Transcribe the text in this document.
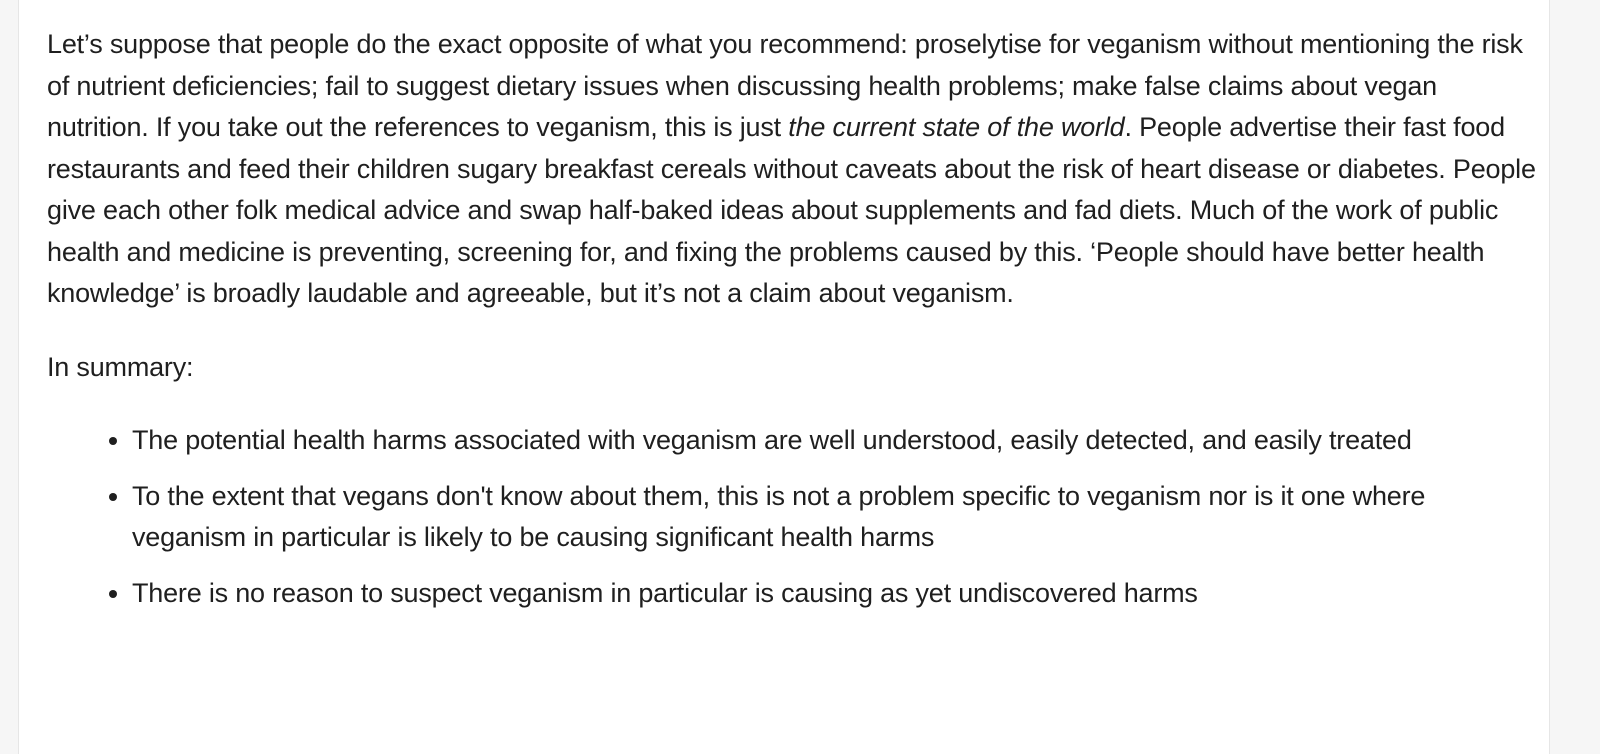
Let’s suppose that people do the exact opposite of what you recommend: proselytise for veganism without mentioning the risk of nutrient deficiencies; fail to suggest dietary issues when discussing health problems; make false claims about vegan nutrition. If you take out the references to veganism, this is just the current state of the world. People advertise their fast food restaurants and feed their children sugary breakfast cereals without caveats about the risk of heart disease or diabetes. People give each other folk medical advice and swap half-baked ideas about supplements and fad diets. Much of the work of public health and medicine is preventing, screening for, and fixing the problems caused by this. ‘People should have better health knowledge’ is broadly laudable and agreeable, but it’s not a claim about veganism.

In summary:

• The potential health harms associated with veganism are well understood, easily detected, and easily treated
• To the extent that vegans don't know about them, this is not a problem specific to veganism nor is it one where veganism in particular is likely to be causing significant health harms
• There is no reason to suspect veganism in particular is causing as yet undiscovered harms
